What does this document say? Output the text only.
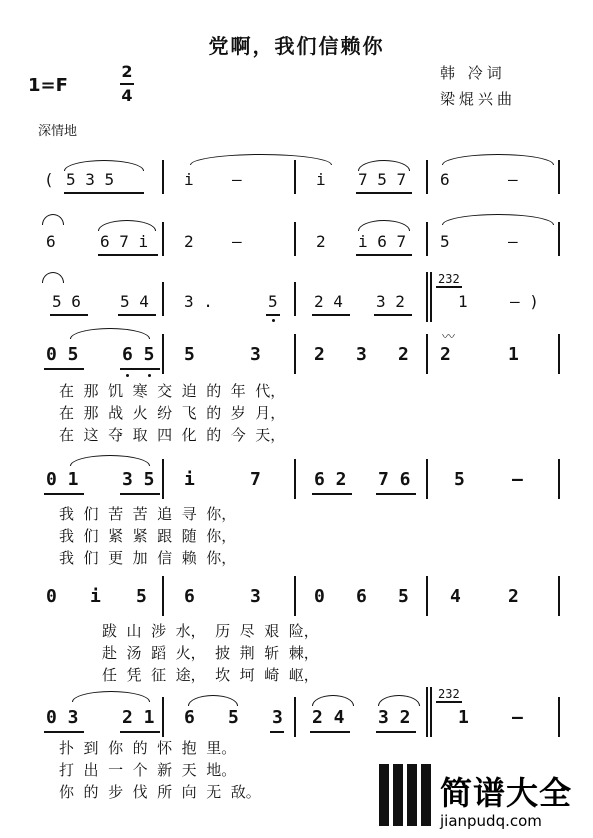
党啊，我们信赖你
1=F
2
4
韩 冷词
梁焜兴曲
深情地
( 5 3 5	i —	i 7 5 7 6	—
6	6 7 i 2 —	2 i 6 7 5	—
5 6 5 4 3 .	5 2 4 3 2
232
1	— )
0 5 6 5 5	3	2 3 2
〰
2	1
在  那  饥  寒  交  迫  的  年  代，
在  那  战  火  纷  飞  的  岁  月，
在  这  夺  取  四  化  的  今  天，
0 1 3 5 i	7	6 2 7 6 5	—
我  们  苦  苦  追  寻  你，
我  们  紧  紧  跟  随  你，
我  们  更  加  信  赖  你，
0 i 5 6	3	0 6 5 4	2
跋  山  涉  水，  历  尽  艰  险，
赴  汤  蹈  火，  披  荆  斩  棘，
任  凭  征  途，  坎  坷  崎  岖，
0 3 2 1 6 5 3 2 4 3 2
232
1 —
扑  到  你  的  怀  抱  里。
打  出  一  个  新  天  地。
你  的  步  伐  所  向  无  敌。	简谱大全
jianpudq.com
